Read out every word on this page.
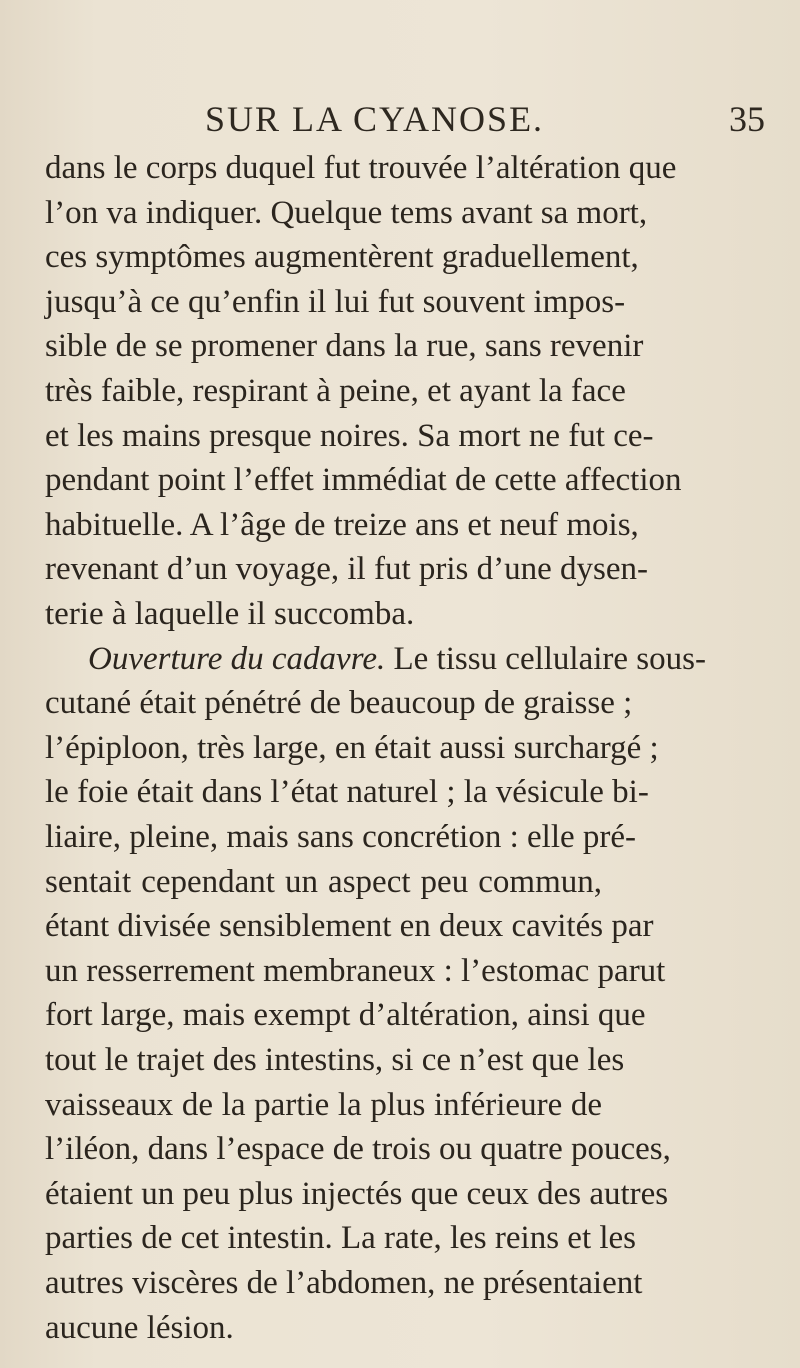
SUR LA CYANOSE.	35
dans le corps duquel fut trouvée l’altération que
l’on va indiquer. Quelque tems avant sa mort,
ces symptômes augmentèrent graduellement,
jusqu’à ce qu’enfin il lui fut souvent impos-
sible de se promener dans la rue, sans revenir
très faible, respirant à peine, et ayant la face
et les mains presque noires. Sa mort ne fut ce-
pendant point l’effet immédiat de cette affection
habituelle. A l’âge de treize ans et neuf mois,
revenant d’un voyage, il fut pris d’une dysen-
terie à laquelle il succomba.
Ouverture du cadavre. Le tissu cellulaire sous-
cutané était pénétré de beaucoup de graisse ;
l’épiploon, très large, en était aussi surchargé ;
le foie était dans l’état naturel ; la vésicule bi-
liaire, pleine, mais sans concrétion : elle pré-
sentait cependant un aspect peu commun,
étant divisée sensiblement en deux cavités par
un resserrement membraneux : l’estomac parut
fort large, mais exempt d’altération, ainsi que
tout le trajet des intestins, si ce n’est que les
vaisseaux de la partie la plus inférieure de
l’iléon, dans l’espace de trois ou quatre pouces,
étaient un peu plus injectés que ceux des autres
parties de cet intestin. La rate, les reins et les
autres viscères de l’abdomen, ne présentaient
aucune lésion.
